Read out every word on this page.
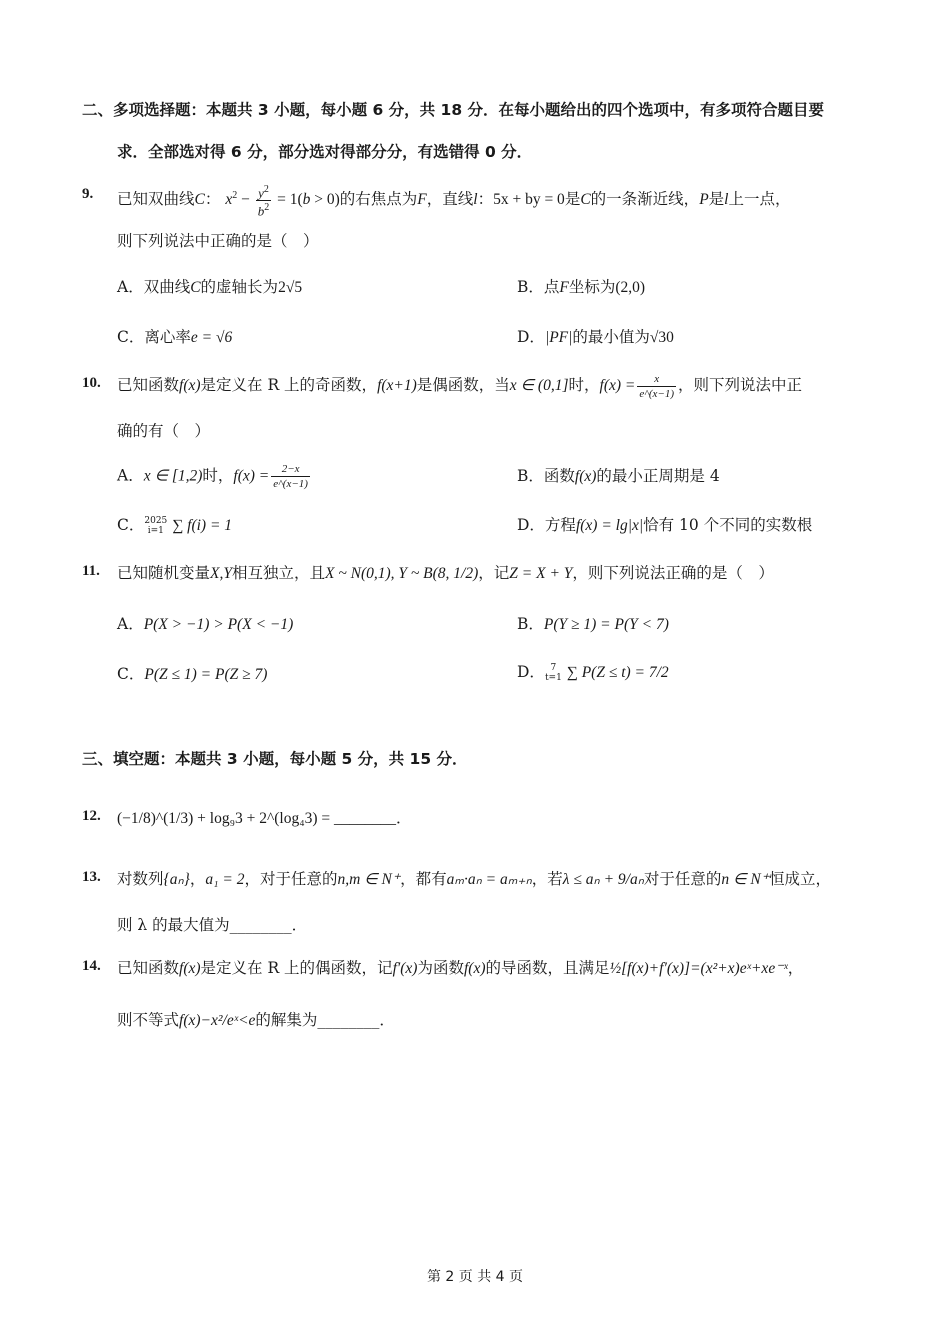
二、多项选择题：本题共 3 小题，每小题 6 分，共 18 分．在每小题给出的四个选项中，有多项符合题目要
求．全部选对得 6 分，部分选对得部分分，有选错得 0 分．
9. 已知双曲线C： $x^2 - \frac{y^2}{b^2} = 1(b > 0)$的右焦点为F，直线l：5x + by = 0是C的一条渐近线，P是l上一点，
则下列说法中正确的是（　）
A．双曲线C的虚轴长为2√5	B．点F坐标为(2,0)
C．离心率e = √6	D．|PF|的最小值为√30
10. 已知函数f(x)是定义在 R 上的奇函数，f(x+1)是偶函数，当x ∈ (0,1]时，$f(x) = \frac{x}{e\^{}(x-1)}$ ，则下列说法中正
确的有（　）
A．x ∈ [1,2)时，$f(x) = \frac{2-x}{e\^{}(x-1)}$	B．函数f(x)的最小正周期是 4
C． 2025
i=1 ∑ f(i) = 1	D．方程f(x) = lg|x|恰有 10 个不同的实数根
11. 已知随机变量X,Y相互独立，且X ~ N(0,1), Y ~ B(8, 1/2)，记Z = X + Y，则下列说法正确的是（　）
A．P(X > −1) > P(X < −1)	B．P(Y ≥ 1) = P(Y < 7)
C．P(Z ≤ 1) = P(Z ≥ 7)	D． 7
t=1 ∑ P(Z ≤ t) = 7/2
三、填空题：本题共 3 小题，每小题 5 分，共 15 分．
12. (−1/8)^(1/3) + log₉3 + 2^(log₄3) = ________．
13. 对数列{aₙ}，a₁ = 2，对于任意的n,m ∈ N⁺，都有aₘ·aₙ = aₘ₊ₙ，若λ ≤ aₙ + 9/aₙ对于任意的n ∈ N⁺恒成立，
则 λ 的最大值为________．
14. 已知函数f(x)是定义在 R 上的偶函数，记f′(x)为函数f(x)的导函数，且满足½[f(x)+f′(x)]=(x²+x)eˣ+xe⁻ˣ，
则不等式f(x)−x²/eˣ<e的解集为________．
第 2 页 共 4 页
